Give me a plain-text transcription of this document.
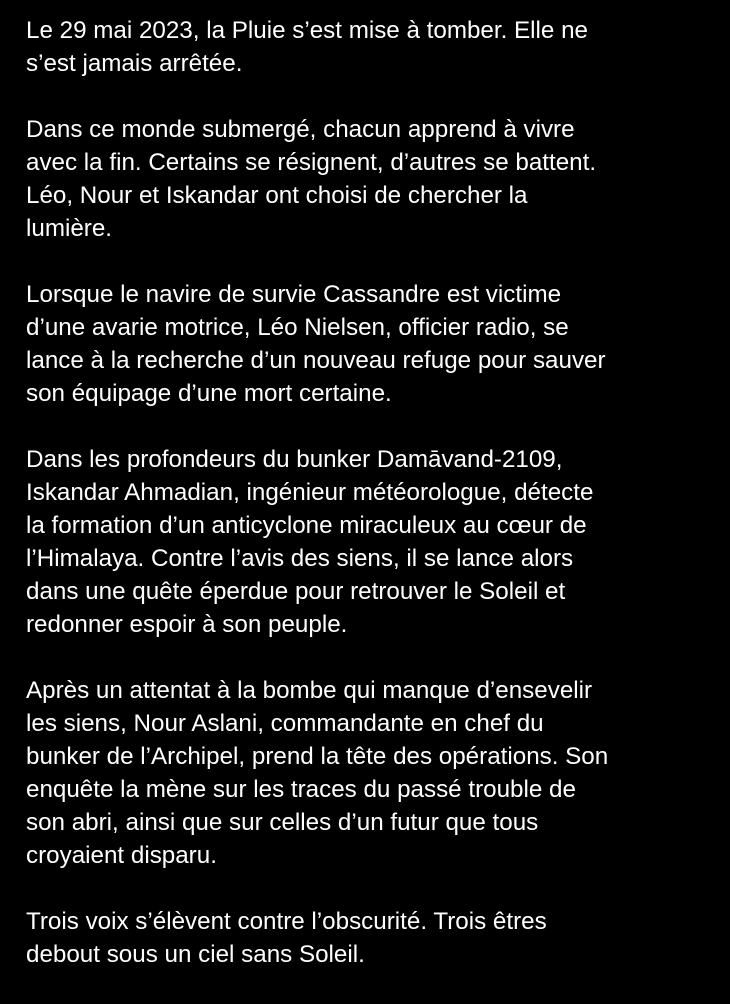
Le 29 mai 2023, la Pluie s’est mise à tomber. Elle ne
s’est jamais arrêtée.

Dans ce monde submergé, chacun apprend à vivre
avec la fin. Certains se résignent, d’autres se battent.
Léo, Nour et Iskandar ont choisi de chercher la
lumière.

Lorsque le navire de survie Cassandre est victime
d’une avarie motrice, Léo Nielsen, officier radio, se
lance à la recherche d’un nouveau refuge pour sauver
son équipage d’une mort certaine.

Dans les profondeurs du bunker Damāvand-2109,
Iskandar Ahmadian, ingénieur météorologue, détecte
la formation d’un anticyclone miraculeux au cœur de
l’Himalaya. Contre l’avis des siens, il se lance alors
dans une quête éperdue pour retrouver le Soleil et
redonner espoir à son peuple.

Après un attentat à la bombe qui manque d’ensevelir
les siens, Nour Aslani, commandante en chef du
bunker de l’Archipel, prend la tête des opérations. Son
enquête la mène sur les traces du passé trouble de
son abri, ainsi que sur celles d’un futur que tous
croyaient disparu.

Trois voix s’élèvent contre l’obscurité. Trois êtres
debout sous un ciel sans Soleil.
